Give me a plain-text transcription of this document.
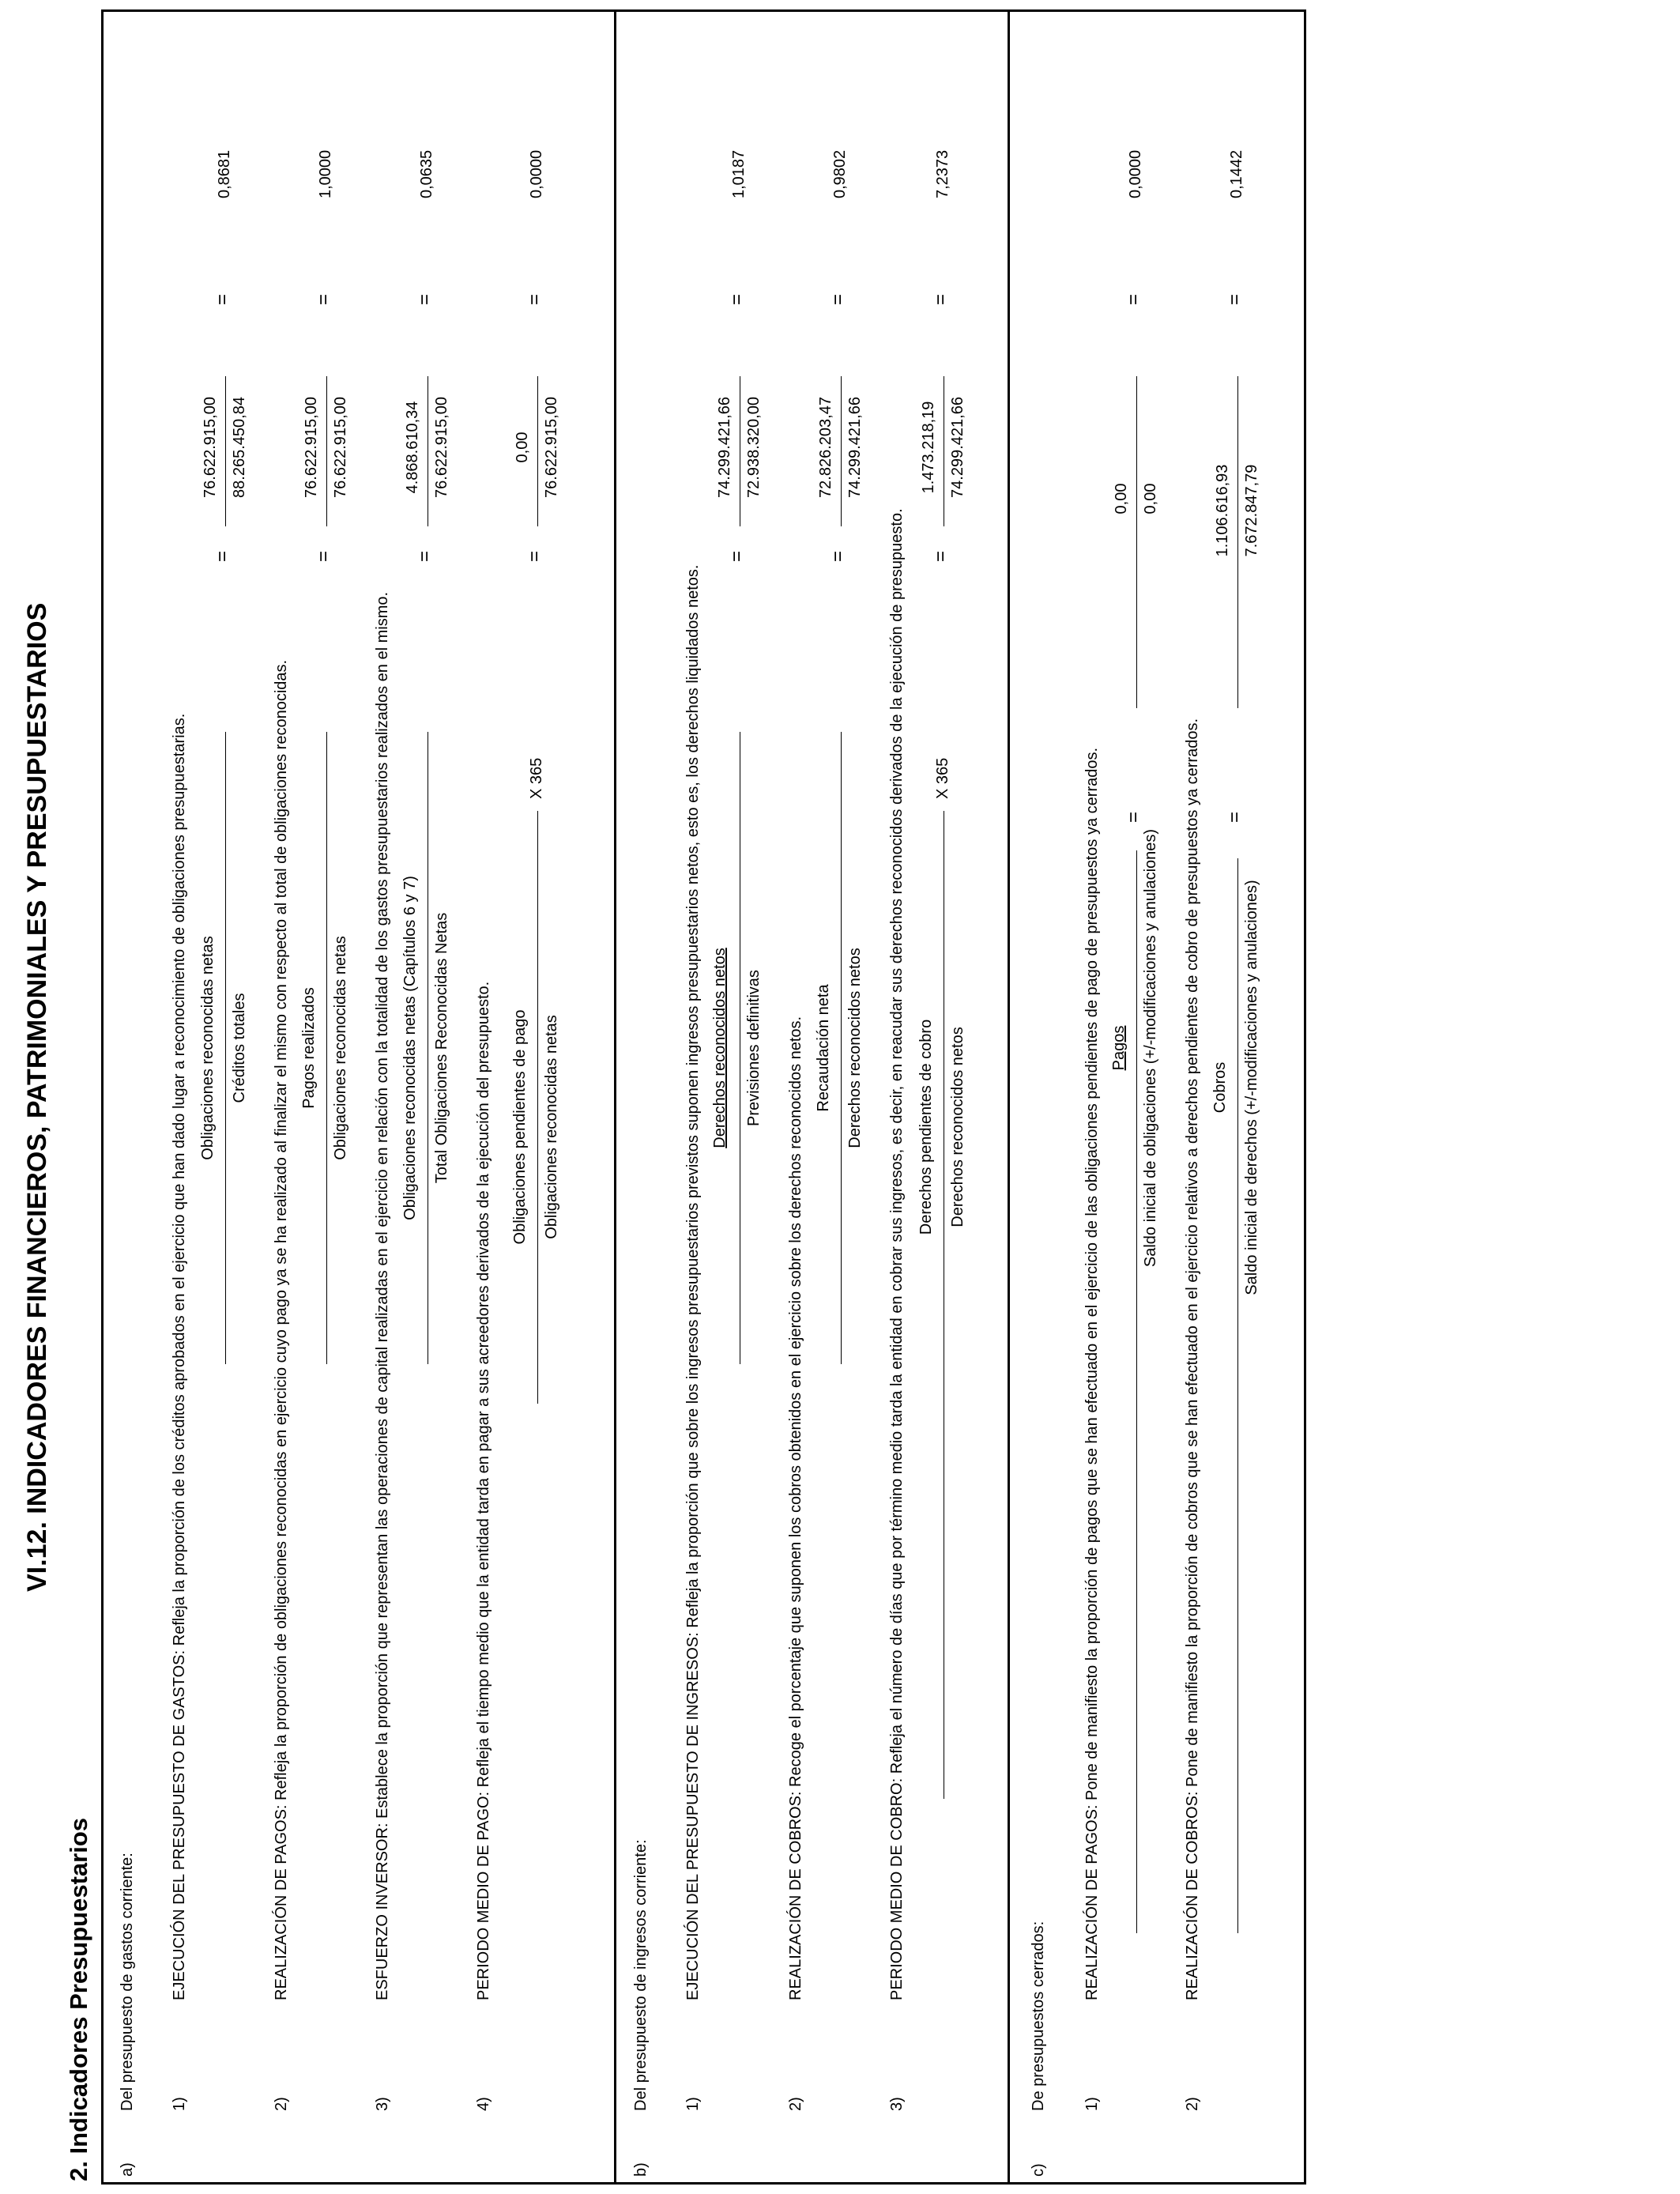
VI.12. INDICADORES FINANCIEROS, PATRIMONIALES Y PRESUPUESTARIOS
2. Indicadores Presupuestarios a)
Del presupuesto de gastos corriente: 1)
EJECUCIÓN DEL PRESUPUESTO DE GASTOS: Refleja la proporción de los créditos aprobados en el ejercicio que han dado lugar a reconocimiento de obligaciones presupuestarias. Obligaciones reconocidas netas Créditos totales
=
76.622.915,00 88.265.450,84
=
0,8681
2)
REALIZACIÓN DE PAGOS: Refleja la proporción de obligaciones reconocidas en ejercicio cuyo pago ya se ha realizado al finalizar el mismo con respecto al total de obligaciones reconocidas. Pagos realizados Obligaciones reconocidas netas
=
76.622.915,00 76.622.915,00
=
1,0000
3)
ESFUERZO INVERSOR: Establece la proporción que representan las operaciones de capital realizadas en el ejercicio en relación con la totalidad de los gastos presupuestarios realizados en el mismo. Obligaciones reconocidas netas (Capítulos 6 y 7) Total Obligaciones Reconocidas Netas
=
4.868.610,34 76.622.915,00
=
0,0635
4)
PERIODO MEDIO DE PAGO: Refleja el tiempo medio que la entidad tarda en pagar a sus acreedores derivados de la ejecución del presupuesto. Obligaciones pendientes de pago Obligaciones reconocidas netas
X 365
=
0,00 76.622.915,00
=
0,0000
b)
Del presupuesto de ingresos corriente: 1)
EJECUCIÓN DEL PRESUPUESTO DE INGRESOS: Refleja la proporción que sobre los ingresos presupuestarios previstos suponen ingresos presupuestarios netos, esto es, los derechos liquidados netos. Derechos reconocidos netos Previsiones definitivas
=
74.299.421,66 72.938.320,00
=
1,0187
2)
REALIZACIÓN DE COBROS: Recoge el porcentaje que suponen los cobros obtenidos en el ejercicio sobre los derechos reconocidos netos. Recaudación neta Derechos reconocidos netos
=
72.826.203,47 74.299.421,66
=
0,9802
3)
PERIODO MEDIO DE COBRO: Refleja el número de días que por término medio tarda la entidad en cobrar sus ingresos, es decir, en reacudar sus derechos reconocidos derivados de la ejecución de presupuesto. Derechos pendientes de cobro Derechos reconocidos netos
X 365
=
1.473.218,19 74.299.421,66
=
7,2373
c)
De presupuestos cerrados: 1)
REALIZACIÓN DE PAGOS: Pone de manifiesto la proporción de pagos que se han efectuado en el ejercicio de las obligaciones pendientes de pago de presupuestos ya cerrados. Pagos Saldo inicial de obligaciones (+/-modificaciones y anulaciones)
=
0,00 0,00
=
0,0000
2)
REALIZACIÓN DE COBROS: Pone de manifiesto la proporción de cobros que se han efectuado en el ejercicio relativos a derechos pendientes de cobro de presupuestos ya cerrados. Cobros Saldo inicial de derechos (+/-modificaciones y anulaciones)
=
1.106.616,93 7.672.847,79
=
0,1442
